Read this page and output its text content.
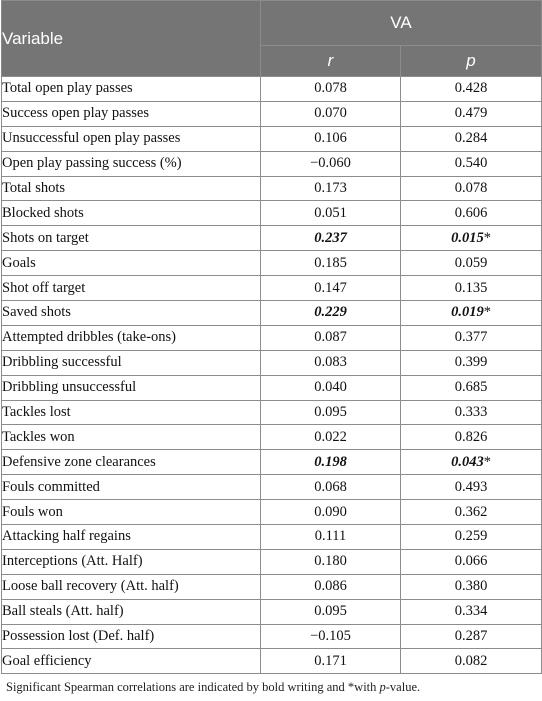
Variable	VA	
	r	p
Total open play passes	0.078	0.428
Success open play passes	0.070	0.479
Unsuccessful open play passes	0.106	0.284
Open play passing success (%)	−0.060	0.540
Total shots	0.173	0.078
Blocked shots	0.051	0.606
Shots on target	0.237	0.015*
Goals	0.185	0.059
Shot off target	0.147	0.135
Saved shots	0.229	0.019*
Attempted dribbles (take-ons)	0.087	0.377
Dribbling successful	0.083	0.399
Dribbling unsuccessful	0.040	0.685
Tackles lost	0.095	0.333
Tackles won	0.022	0.826
Defensive zone clearances	0.198	0.043*
Fouls committed	0.068	0.493
Fouls won	0.090	0.362
Attacking half regains	0.111	0.259
Interceptions (Att. Half)	0.180	0.066
Loose ball recovery (Att. half)	0.086	0.380
Ball steals (Att. half)	0.095	0.334
Possession lost (Def. half)	−0.105	0.287
Goal efficiency	0.171	0.082
Significant Spearman correlations are indicated by bold writing and *with p-value.
